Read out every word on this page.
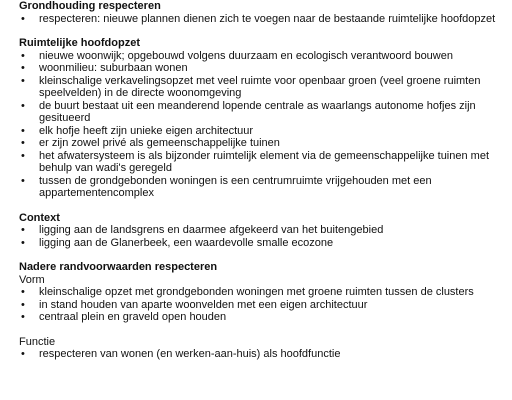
Grondhouding respecteren
• respecteren: nieuwe plannen dienen zich te voegen naar de bestaande ruimtelijke hoofdopzet
Ruimtelijke hoofdopzet
• nieuwe woonwijk; opgebouwd volgens duurzaam en ecologisch verantwoord bouwen
• woonmilieu: suburbaan wonen
• kleinschalige verkavelingsopzet met veel ruimte voor openbaar groen (veel groene ruimten speelvelden) in de directe woonomgeving
• de buurt bestaat uit een meanderend lopende centrale as waarlangs autonome hofjes zijn gesitueerd
• elk hofje heeft zijn unieke eigen architectuur
• er zijn zowel privé als gemeenschappelijke tuinen
• het afwatersysteem is als bijzonder ruimtelijk element via de gemeenschappelijke tuinen met behulp van wadi's geregeld
• tussen de grondgebonden woningen is een centrumruimte vrijgehouden met een appartementencomplex
Context
• ligging aan de landsgrens en daarmee afgekeerd van het buitengebied
• ligging aan de Glanerbeek, een waardevolle smalle ecozone
Nadere randvoorwaarden respecteren
Vorm
• kleinschalige opzet met grondgebonden woningen met groene ruimten tussen de clusters
• in stand houden van aparte woonvelden met een eigen architectuur
• centraal plein en graveld open houden
Functie
• respecteren van wonen (en werken-aan-huis) als hoofdfunctie
